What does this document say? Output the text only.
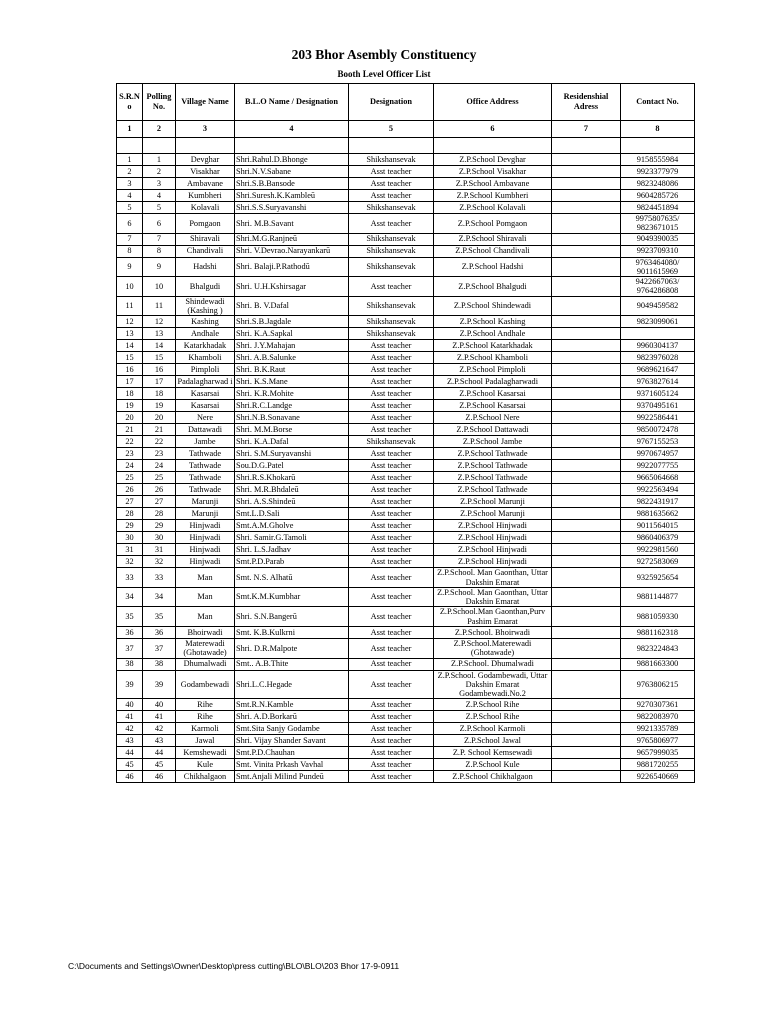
203 Bhor Asembly Constituency
Booth Level Officer List
S.R.N o	Polling No.	Village Name	B.L.O Name / Designation	Designation	Office Address	Residenshial Adress	Contact No.
1	2	3	4	5	6	7	8

1	1	Devghar	Shri.Rahul.D.Bhonge	Shikshansevak	Z.P.School Devghar		9158555984
2	2	Visakhar	Shri.N.V.Sabane	Asst teacher	Z.P.School Visakhar		9923377979
3	3	Ambavane	Shri.S.B.Bansode	Asst teacher	Z.P.School Ambavane		9823248086
4	4	Kumbheri	Shri.Suresh.K.Kambleū	Asst teacher	Z.P.School Kumbheri		9604285726
5	5	Kolavali	Shri.S.S.Suryavanshi	Shikshansevak	Z.P.School Kolavali		9824451894
6	6	Pomgaon	Shri. M.B.Savant	Asst teacher	Z.P.School Pomgaon		9975807635/ 9823671015
7	7	Shiravali	Shri.M.G.Ranjneū	Shikshansevak	Z.P.School Shiravali		9049390035
8	8	Chandivali	Shri. V.Devrao.Narayankarū	Shikshansevak	Z.P.School Chandivali		9923709310
9	9	Hadshi	Shri. Balaji.P.Rathodū	Shikshansevak	Z.P.School Hadshi		9763464080/ 9011615969
10	10	Bhalgudi	Shri. U.H.Kshirsagar	Asst teacher	Z.P.School Bhalgudi		9422667063/ 9764286808
11	11	Shindewadi (Kashing )	Shri. B. V.Dafal	Shikshansevak	Z.P.School Shindewadi		9049459582
12	12	Kashing	Shri.S.B.Jagdale	Shikshansevak	Z.P.School Kashing		9823099061
13	13	Andhale	Shri. K.A.Sapkal	Shikshansevak	Z.P.School Andhale		
14	14	Katarkhadak	Shri. J.Y.Mahajan	Asst teacher	Z.P.School Katarkhadak		9960304137
15	15	Khamboli	Shri. A.B.Salunke	Asst teacher	Z.P.School Khamboli		9823976028
16	16	Pimploli	Shri. B.K.Raut	Asst teacher	Z.P.School Pimploli		9689621647
17	17	Padalagharwad i	Shri. K.S.Mane	Asst teacher	Z.P.School Padalagharwadi		9763827614
18	18	Kasarsai	Shri. K.R.Mohite	Asst teacher	Z.P.School Kasarsai		9371605124
19	19	Kasarsai	Shri.R.C.Landge	Asst teacher	Z.P.School Kasarsai		9370495161
20	20	Nere	Shri.N.B.Sonavane	Asst teacher	Z.P.School Nere		9922586441
21	21	Dattawadi	Shri. M.M.Borse	Asst teacher	Z.P.School Dattawadi		9850072478
22	22	Jambe	Shri. K.A.Dafal	Shikshansevak	Z.P.School Jambe		9767155253
23	23	Tathwade	Shri. S.M.Suryavanshi	Asst teacher	Z.P.School Tathwade		9970674957
24	24	Tathwade	Sou.D.G.Patel	Asst teacher	Z.P.School Tathwade		9922077755
25	25	Tathwade	Shri.R.S.Khokarū	Asst teacher	Z.P.School Tathwade		9665064668
26	26	Tathwade	Shri. M.R.Bhdaleū	Asst teacher	Z.P.School Tathwade		9922563494
27	27	Marunji	Shri. A.S.Shindeū	Asst teacher	Z.P.School Marunji		9822431917
28	28	Marunji	Smt.L.D.Sali	Asst teacher	Z.P.School Marunji		9881635662
29	29	Hinjwadi	Smt.A.M.Gholve	Asst teacher	Z.P.School Hinjwadi		9011564015
30	30	Hinjwadi	Shri. Samir.G.Tamoli	Asst teacher	Z.P.School Hinjwadi		9860406379
31	31	Hinjwadi	Shri. L.S.Jadhav	Asst teacher	Z.P.School Hinjwadi		9922981560
32	32	Hinjwadi	Smt.P.D.Parab	Asst teacher	Z.P.School Hinjwadi		9272583069
33	33	Man	Smt. N.S. Alhatū	Asst teacher	Z.P.School. Man Gaonthan, Uttar Dakshin Emarat		9325925654
34	34	Man	Smt.K.M.Kumbhar	Asst teacher	Z.P.School. Man Gaonthan, Uttar Dakshin Emarat		9881144877
35	35	Man	Shri. S.N.Bangerū	Asst teacher	Z.P.School.Man Gaonthan,Purv Pashim Emarat		9881059330
36	36	Bhoirwadi	Smt. K.B.Kulkrni	Asst teacher	Z.P.School. Bhoirwadi		9881162318
37	37	Materewadi (Ghotawade)	Shri. D.R.Malpote	Asst teacher	Z.P.School.Materewadi (Ghotawade)		9823224843
38	38	Dhumalwadi	Smt.. A.B.Thite	Asst teacher	Z.P.School. Dhumalwadi		9881663300
39	39	Godambewadi	Shri.L.C.Hegade	Asst teacher	Z.P.School. Godambewadi, Uttar Dakshin Emarat Godambewadi.No.2		9763806215
40	40	Rihe	Smt.R.N.Kamble	Asst teacher	Z.P.School Rihe		9270307361
41	41	Rihe	Shri. A.D.Borkarū	Asst teacher	Z.P.School Rihe		9822083970
42	42	Karmoli	Smt.Sita Sanjy Godambe	Asst teacher	Z.P.School Karmoli		9921335789
43	43	Jawal	Shri. Vijay Shander Savant	Asst teacher	Z.P.School Jawal		9765806977
44	44	Kemshewadi	Smt.P.D.Chauhan	Asst teacher	Z.P. School Kemsewadi		9657999035
45	45	Kule	Smt. Vinita Prkash Vavhal	Asst teacher	Z.P.School Kule		9881720255
46	46	Chikhalgaon	Smt.Anjali Milind Pundeū	Asst teacher	Z.P.School Chikhalgaon		9226540669
C:\Documents and Settings\Owner\Desktop\press cutting\BLO\BLO\203 Bhor 17-9-0911
